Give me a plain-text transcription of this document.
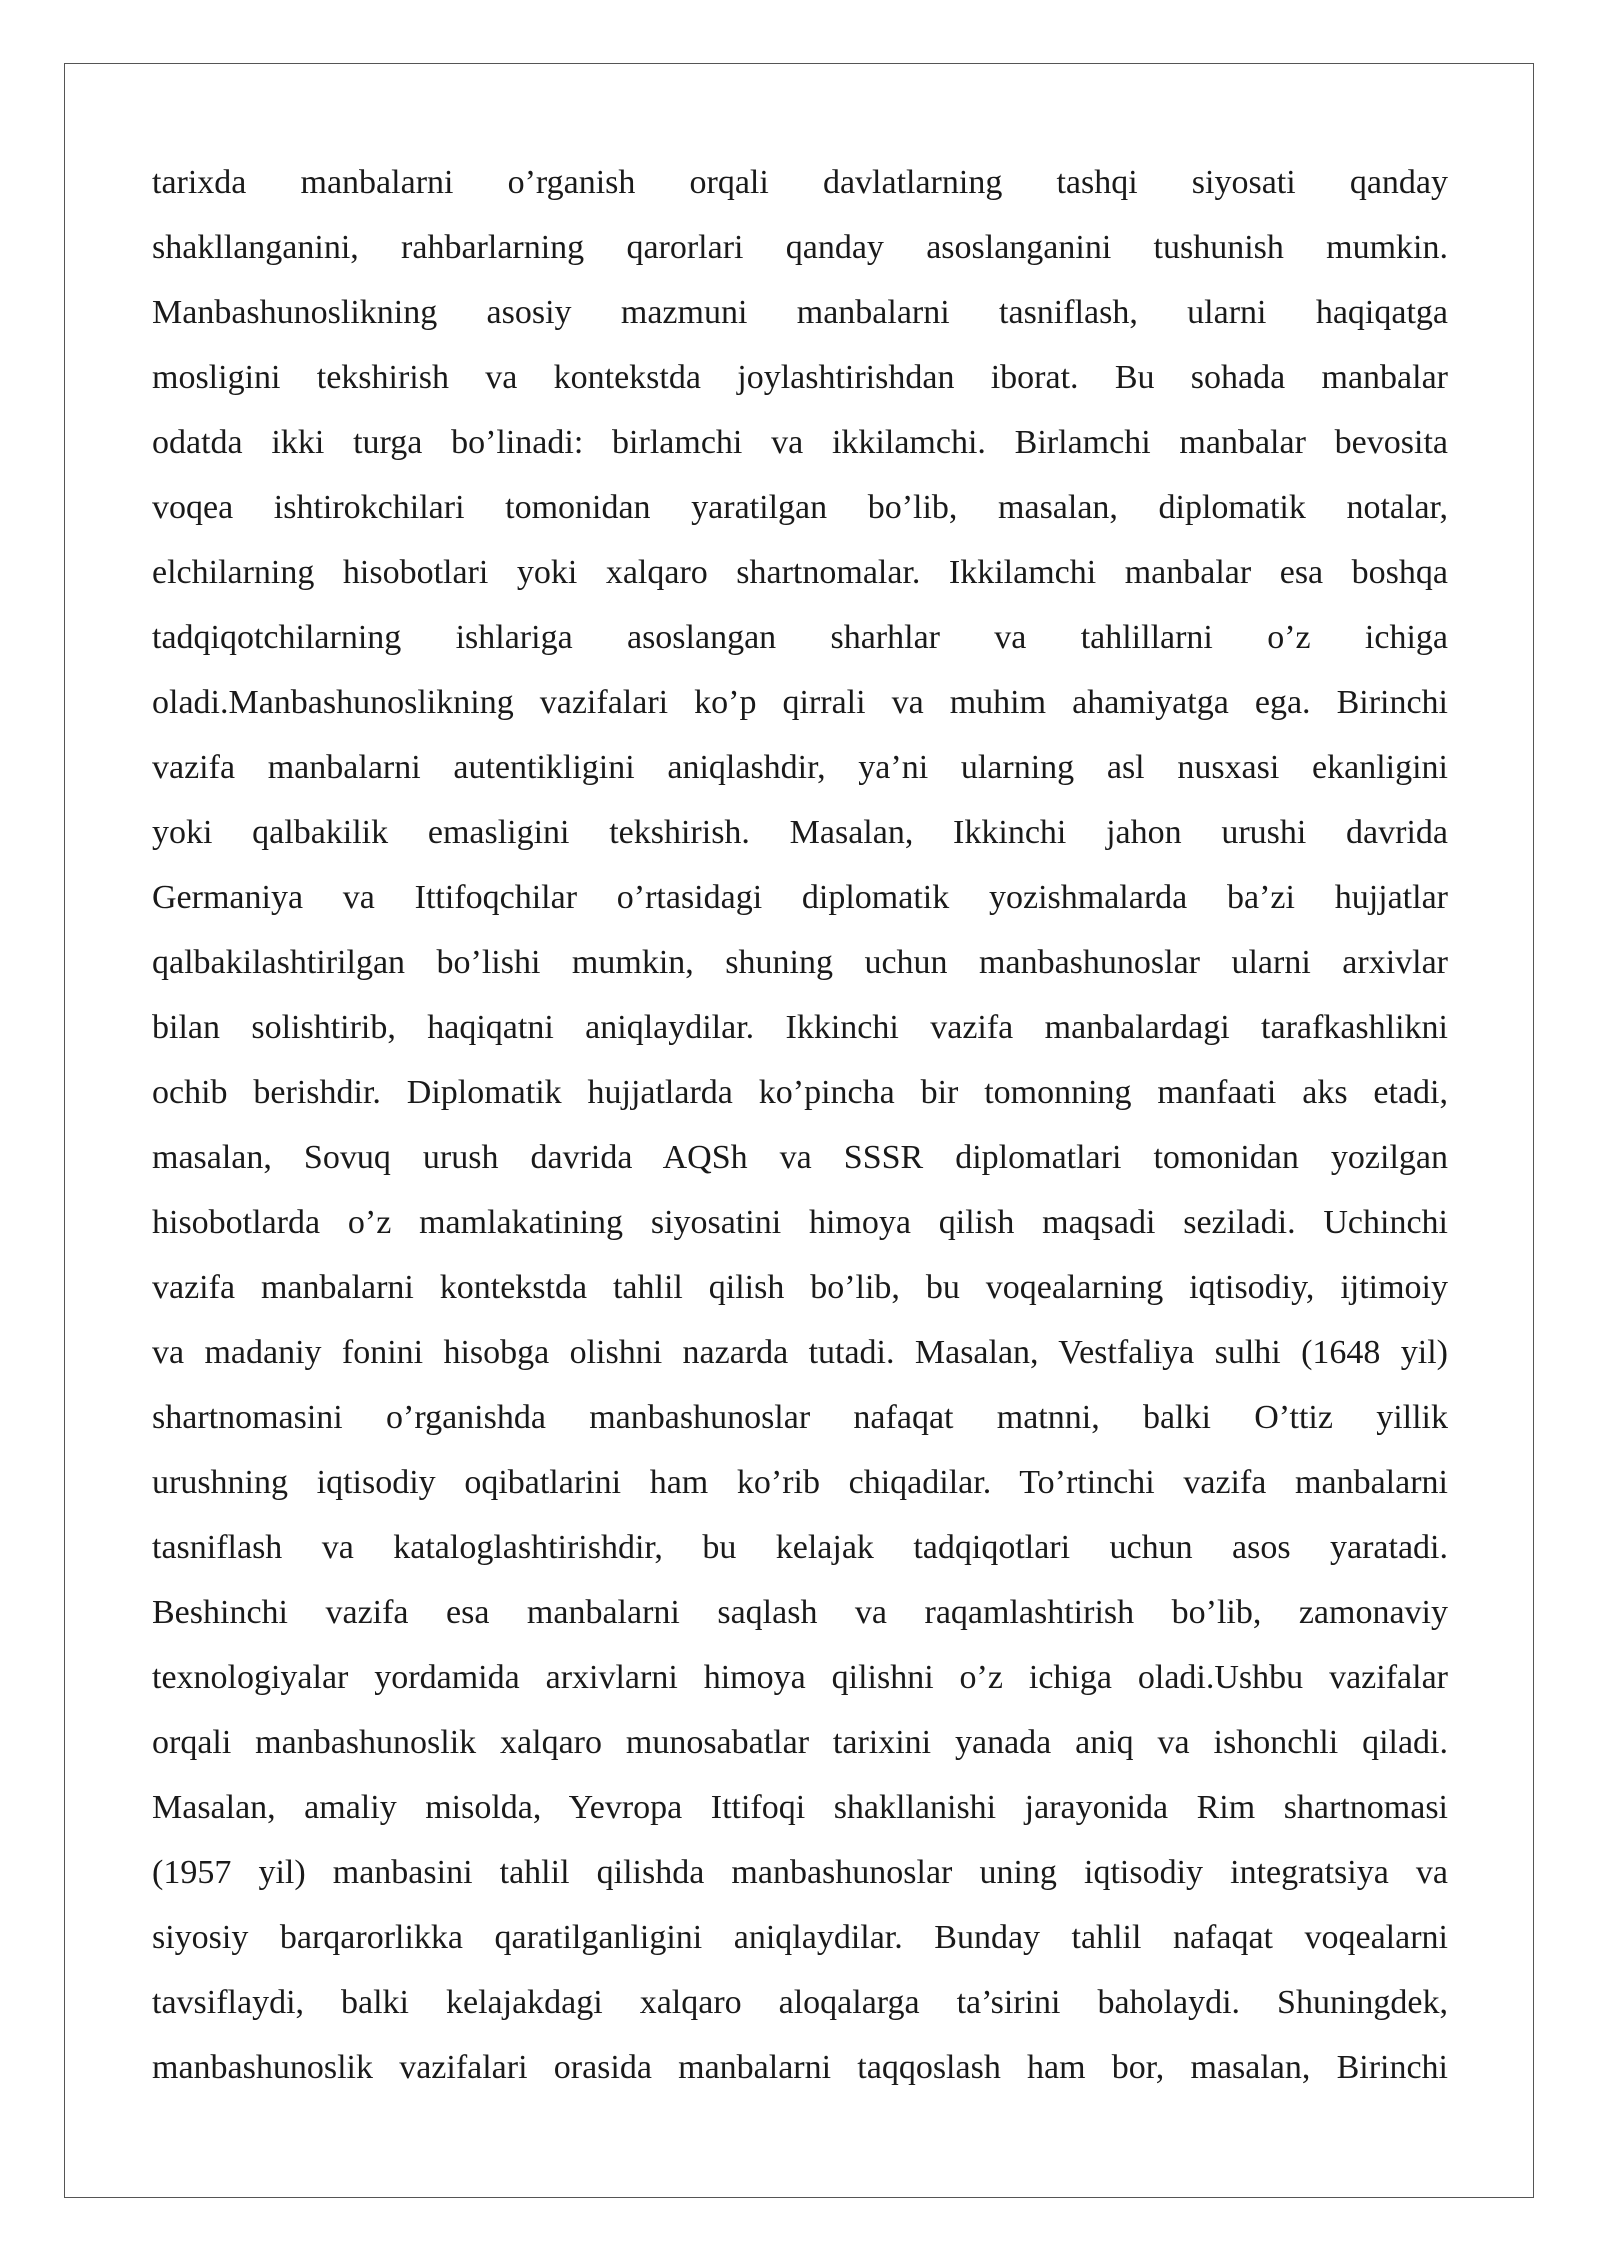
tarixda manbalarni o’rganish orqali davlatlarning tashqi siyosati qanday
shakllanganini, rahbarlarning qarorlari qanday asoslanganini tushunish mumkin.
Manbashunoslikning asosiy mazmuni manbalarni tasniflash, ularni haqiqatga
mosligini tekshirish va kontekstda joylashtirishdan iborat. Bu sohada manbalar
odatda ikki turga bo’linadi: birlamchi va ikkilamchi. Birlamchi manbalar bevosita
voqea ishtirokchilari tomonidan yaratilgan bo’lib, masalan, diplomatik notalar,
elchilarning hisobotlari yoki xalqaro shartnomalar. Ikkilamchi manbalar esa boshqa
tadqiqotchilarning ishlariga asoslangan sharhlar va tahlillarni o’z ichiga
oladi.Manbashunoslikning vazifalari ko’p qirrali va muhim ahamiyatga ega. Birinchi
vazifa manbalarni autentikligini aniqlashdir, ya’ni ularning asl nusxasi ekanligini
yoki qalbakilik emasligini tekshirish. Masalan, Ikkinchi jahon urushi davrida
Germaniya va Ittifoqchilar o’rtasidagi diplomatik yozishmalarda ba’zi hujjatlar
qalbakilashtirilgan bo’lishi mumkin, shuning uchun manbashunoslar ularni arxivlar
bilan solishtirib, haqiqatni aniqlaydilar. Ikkinchi vazifa manbalardagi tarafkashlikni
ochib berishdir. Diplomatik hujjatlarda ko’pincha bir tomonning manfaati aks etadi,
masalan, Sovuq urush davrida AQSh va SSSR diplomatlari tomonidan yozilgan
hisobotlarda o’z mamlakatining siyosatini himoya qilish maqsadi seziladi. Uchinchi
vazifa manbalarni kontekstda tahlil qilish bo’lib, bu voqealarning iqtisodiy, ijtimoiy
va madaniy fonini hisobga olishni nazarda tutadi. Masalan, Vestfaliya sulhi (1648 yil)
shartnomasini o’rganishda manbashunoslar nafaqat matnni, balki O’ttiz yillik
urushning iqtisodiy oqibatlarini ham ko’rib chiqadilar. To’rtinchi vazifa manbalarni
tasniflash va kataloglashtirishdir, bu kelajak tadqiqotlari uchun asos yaratadi.
Beshinchi vazifa esa manbalarni saqlash va raqamlashtirish bo’lib, zamonaviy
texnologiyalar yordamida arxivlarni himoya qilishni o’z ichiga oladi.Ushbu vazifalar
orqali manbashunoslik xalqaro munosabatlar tarixini yanada aniq va ishonchli qiladi.
Masalan, amaliy misolda, Yevropa Ittifoqi shakllanishi jarayonida Rim shartnomasi
(1957 yil) manbasini tahlil qilishda manbashunoslar uning iqtisodiy integratsiya va
siyosiy barqarorlikka qaratilganligini aniqlaydilar. Bunday tahlil nafaqat voqealarni
tavsiflaydi, balki kelajakdagi xalqaro aloqalarga ta’sirini baholaydi. Shuningdek,
manbashunoslik vazifalari orasida manbalarni taqqoslash ham bor, masalan, Birinchi
